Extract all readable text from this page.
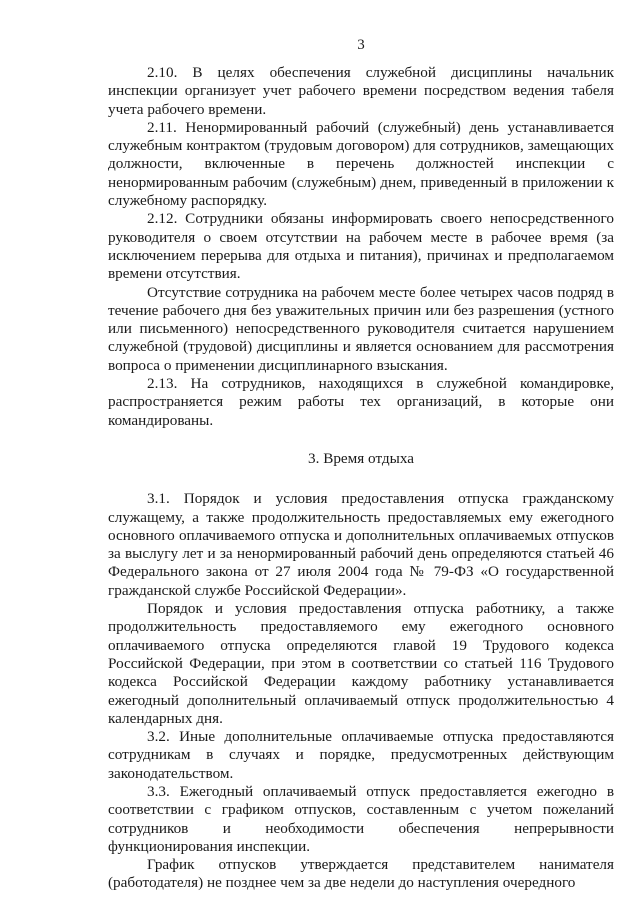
3

2.10. В целях обеспечения служебной дисциплины начальник инспекции организует учет рабочего времени посредством ведения табеля учета рабочего времени.

2.11. Ненормированный рабочий (служебный) день устанавливается служебным контрактом (трудовым договором) для сотрудников, замещающих должности, включенные в перечень должностей инспекции с ненормированным рабочим (служебным) днем, приведенный в приложении к служебному распорядку.

2.12. Сотрудники обязаны информировать своего непосредственного руководителя о своем отсутствии на рабочем месте в рабочее время (за исключением перерыва для отдыха и питания), причинах и предполагаемом времени отсутствия.

Отсутствие сотрудника на рабочем месте более четырех часов подряд в течение рабочего дня без уважительных причин или без разрешения (устного или письменного) непосредственного руководителя считается нарушением служебной (трудовой) дисциплины и является основанием для рассмотрения вопроса о применении дисциплинарного взыскания.

2.13. На сотрудников, находящихся в служебной командировке, распространяется режим работы тех организаций, в которые они командированы.

3. Время отдыха

3.1. Порядок и условия предоставления отпуска гражданскому служащему, а также продолжительность предоставляемых ему ежегодного основного оплачиваемого отпуска и дополнительных оплачиваемых отпусков за выслугу лет и за ненормированный рабочий день определяются статьей 46 Федерального закона от 27 июля 2004 года № 79-ФЗ «О государственной гражданской службе Российской Федерации».

Порядок и условия предоставления отпуска работнику, а также продолжительность предоставляемого ему ежегодного основного оплачиваемого отпуска определяются главой 19 Трудового кодекса Российской Федерации, при этом в соответствии со статьей 116 Трудового кодекса Российской Федерации каждому работнику устанавливается ежегодный дополнительный оплачиваемый отпуск продолжительностью 4 календарных дня.

3.2. Иные дополнительные оплачиваемые отпуска предоставляются сотрудникам в случаях и порядке, предусмотренных действующим законодательством.

3.3. Ежегодный оплачиваемый отпуск предоставляется ежегодно в соответствии с графиком отпусков, составленным с учетом пожеланий сотрудников и необходимости обеспечения непрерывности функционирования инспекции.

График отпусков утверждается представителем нанимателя (работодателя) не позднее чем за две недели до наступления очередного
